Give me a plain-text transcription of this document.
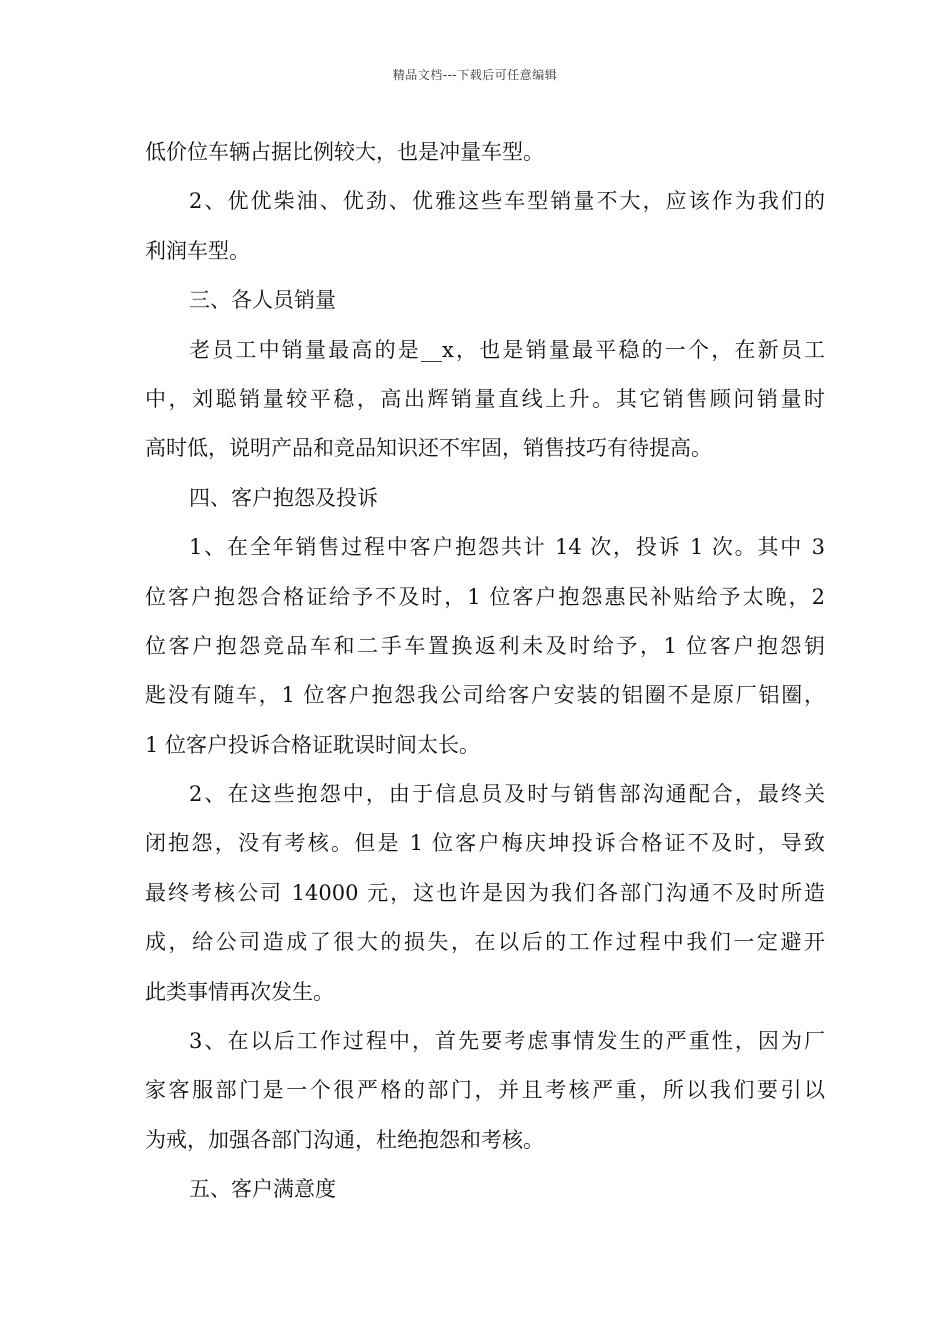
精品文档---下载后可任意编辑
低价位车辆占据比例较大，也是冲量车型。
2、优优柴油、优劲、优雅这些车型销量不大，应该作为我们的
利润车型。
三、各人员销量
老员工中销量最高的是__x，也是销量最平稳的一个，在新员工
中，刘聪销量较平稳，高出辉销量直线上升。其它销售顾问销量时
高时低，说明产品和竞品知识还不牢固，销售技巧有待提高。
四、客户抱怨及投诉
1、在全年销售过程中客户抱怨共计 14 次，投诉 1 次。其中 3
位客户抱怨合格证给予不及时，1 位客户抱怨惠民补贴给予太晚，2
位客户抱怨竞品车和二手车置换返利未及时给予，1 位客户抱怨钥
匙没有随车，1 位客户抱怨我公司给客户安装的铝圈不是原厂铝圈，
1 位客户投诉合格证耽误时间太长。
2、在这些抱怨中，由于信息员及时与销售部沟通配合，最终关
闭抱怨，没有考核。但是 1 位客户梅庆坤投诉合格证不及时，导致
最终考核公司 14000 元，这也许是因为我们各部门沟通不及时所造
成，给公司造成了很大的损失，在以后的工作过程中我们一定避开
此类事情再次发生。
3、在以后工作过程中，首先要考虑事情发生的严重性，因为厂
家客服部门是一个很严格的部门，并且考核严重，所以我们要引以
为戒，加强各部门沟通，杜绝抱怨和考核。
五、客户满意度
